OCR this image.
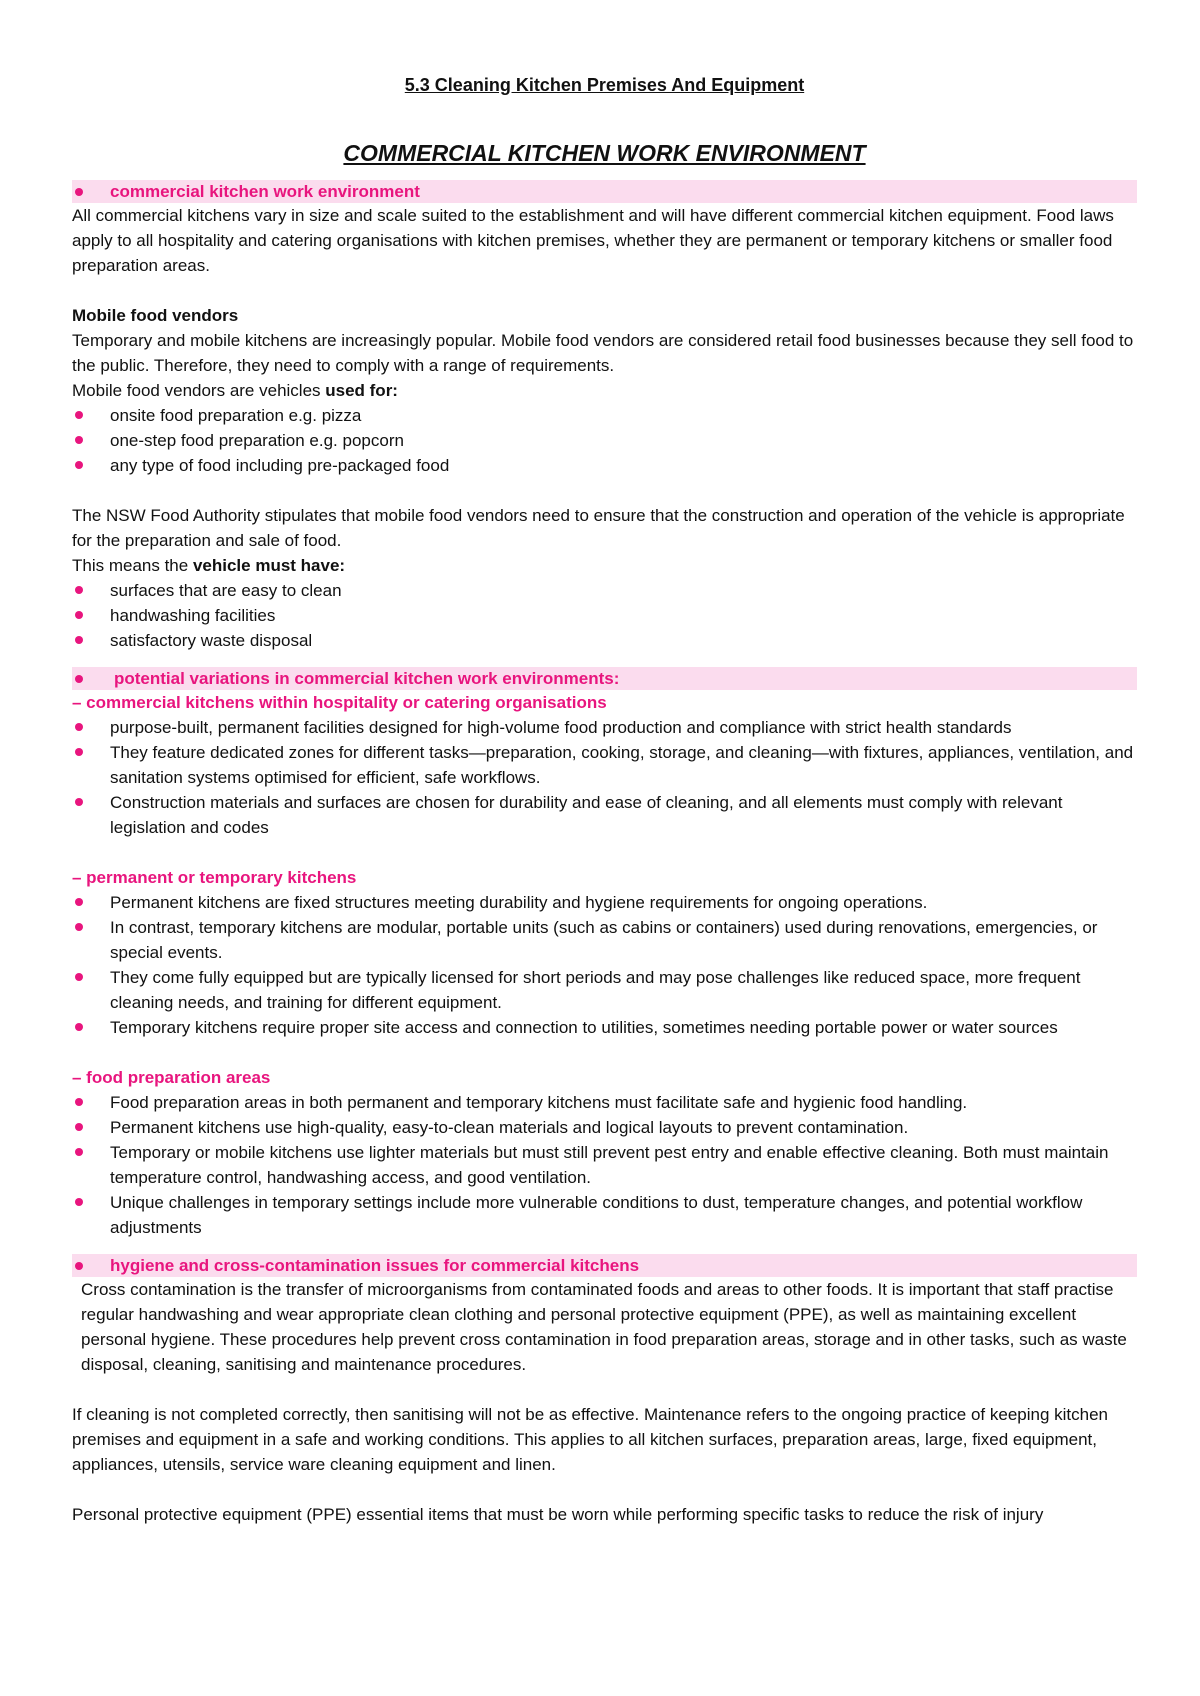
5.3 Cleaning Kitchen Premises And Equipment
COMMERCIAL KITCHEN WORK ENVIRONMENT
commercial kitchen work environment

All commercial kitchens vary in size and scale suited to the establishment and will have different commercial kitchen equipment. Food laws apply to all hospitality and catering organisations with kitchen premises, whether they are permanent or temporary kitchens or smaller food preparation areas.

Mobile food vendors

Temporary and mobile kitchens are increasingly popular. Mobile food vendors are considered retail food businesses because they sell food to the public. Therefore, they need to comply with a range of requirements.

Mobile food vendors are vehicles used for:

onsite food preparation e.g. pizza
one-step food preparation e.g. popcorn
any type of food including pre-packaged food

The NSW Food Authority stipulates that mobile food vendors need to ensure that the construction and operation of the vehicle is appropriate for the preparation and sale of food.

This means the vehicle must have:

surfaces that are easy to clean
handwashing facilities
satisfactory waste disposal
potential variations in commercial kitchen work environments:

– commercial kitchens within hospitality or catering organisations

purpose-built, permanent facilities designed for high-volume food production and compliance with strict health standards
They feature dedicated zones for different tasks—preparation, cooking, storage, and cleaning—with fixtures, appliances, ventilation, and sanitation systems optimised for efficient, safe workflows.
Construction materials and surfaces are chosen for durability and ease of cleaning, and all elements must comply with relevant legislation and codes

– permanent or temporary kitchens

Permanent kitchens are fixed structures meeting durability and hygiene requirements for ongoing operations.
In contrast, temporary kitchens are modular, portable units (such as cabins or containers) used during renovations, emergencies, or special events.
They come fully equipped but are typically licensed for short periods and may pose challenges like reduced space, more frequent cleaning needs, and training for different equipment.
Temporary kitchens require proper site access and connection to utilities, sometimes needing portable power or water sources

– food preparation areas

Food preparation areas in both permanent and temporary kitchens must facilitate safe and hygienic food handling.
Permanent kitchens use high-quality, easy-to-clean materials and logical layouts to prevent contamination.
Temporary or mobile kitchens use lighter materials but must still prevent pest entry and enable effective cleaning. Both must maintain temperature control, handwashing access, and good ventilation.
Unique challenges in temporary settings include more vulnerable conditions to dust, temperature changes, and potential workflow adjustments
hygiene and cross-contamination issues for commercial kitchens

Cross contamination is the transfer of microorganisms from contaminated foods and areas to other foods. It is important that staff practise regular handwashing and wear appropriate clean clothing and personal protective equipment (PPE), as well as maintaining excellent personal hygiene. These procedures help prevent cross contamination in food preparation areas, storage and in other tasks, such as waste disposal, cleaning, sanitising and maintenance procedures.

If cleaning is not completed correctly, then sanitising will not be as effective. Maintenance refers to the ongoing practice of keeping kitchen premises and equipment in a safe and working conditions. This applies to all kitchen surfaces, preparation areas, large, fixed equipment, appliances, utensils, service ware cleaning equipment and linen.

Personal protective equipment (PPE) essential items that must be worn while performing specific tasks to reduce the risk of injury
